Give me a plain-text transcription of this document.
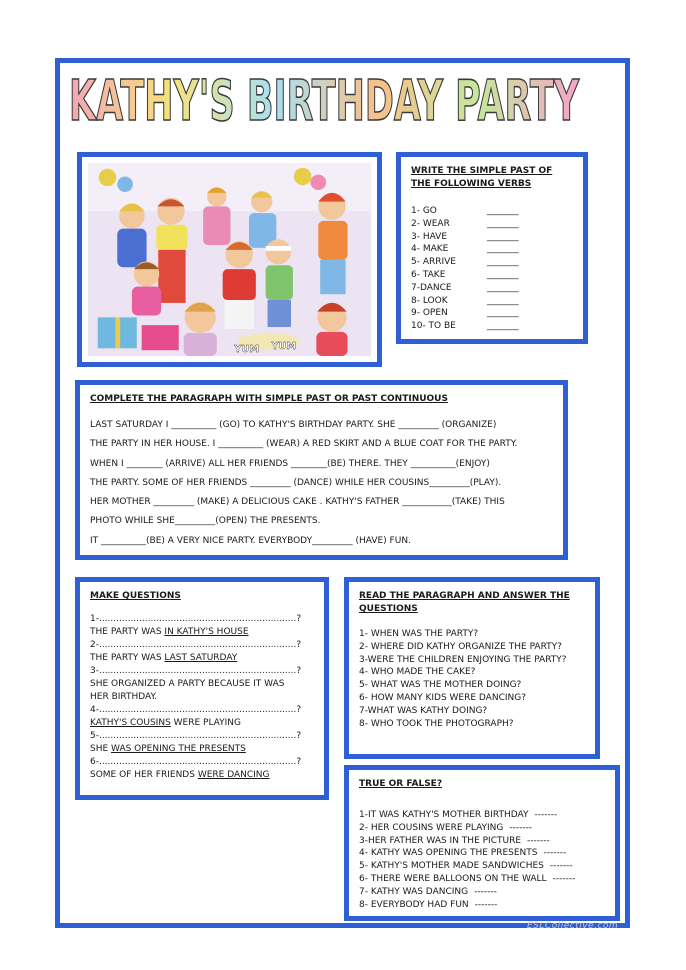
KATHY'S BIRTHDAY PARTY
YUM YUM
WRITE THE SIMPLE PAST OF THE FOLLOWING VERBS
1- GO	_______
2- WEAR	_______
3- HAVE	_______
4- MAKE	_______
5- ARRIVE	_______
6- TAKE	_______
7-DANCE	_______
8- LOOK	_______
9- OPEN	_______
10- TO BE	_______
COMPLETE THE PARAGRAPH WITH SIMPLE PAST OR PAST CONTINUOUS
LAST SATURDAY I __________ (GO) TO KATHY'S BIRTHDAY PARTY. SHE _________ (ORGANIZE)
THE PARTY IN HER HOUSE. I __________ (WEAR) A RED SKIRT AND A BLUE COAT FOR THE PARTY.
WHEN I ________ (ARRIVE) ALL HER FRIENDS ________(BE) THERE. THEY __________(ENJOY)
THE PARTY. SOME OF HER FRIENDS _________ (DANCE) WHILE HER COUSINS_________(PLAY).
HER MOTHER _________ (MAKE) A DELICIOUS CAKE . KATHY'S FATHER ___________(TAKE) THIS
PHOTO WHILE SHE_________(OPEN) THE PRESENTS.
IT __________(BE) A VERY NICE PARTY. EVERYBODY_________ (HAVE) FUN.
MAKE QUESTIONS
1-.....................................................................?
THE PARTY WAS IN KATHY'S HOUSE
2-.....................................................................?
THE PARTY WAS LAST SATURDAY
3-.....................................................................?
SHE ORGANIZED A PARTY BECAUSE IT WAS
HER BIRTHDAY.
4-.....................................................................?
KATHY'S COUSINS WERE PLAYING
5-.....................................................................?
SHE WAS OPENING THE PRESENTS
6-.....................................................................?
SOME OF HER FRIENDS WERE DANCING
READ THE PARAGRAPH AND ANSWER THE QUESTIONS
1- WHEN WAS THE PARTY?
2- WHERE DID KATHY ORGANIZE THE PARTY?
3-WERE THE CHILDREN ENJOYING THE PARTY?
4- WHO MADE THE CAKE?
5- WHAT WAS THE MOTHER DOING?
6- HOW MANY KIDS WERE DANCING?
7-WHAT WAS KATHY DOING?
8- WHO TOOK THE PHOTOGRAPH?
TRUE OR FALSE?
1-IT WAS KATHY'S MOTHER BIRTHDAY -------
2- HER COUSINS WERE PLAYING -------
3-HER FATHER WAS IN THE PICTURE -------
4- KATHY WAS OPENING THE PRESENTS -------
5- KATHY'S MOTHER MADE SANDWICHES -------
6- THERE WERE BALLOONS ON THE WALL -------
7- KATHY WAS DANCING -------
8- EVERYBODY HAD FUN -------
ESLCollective.com
